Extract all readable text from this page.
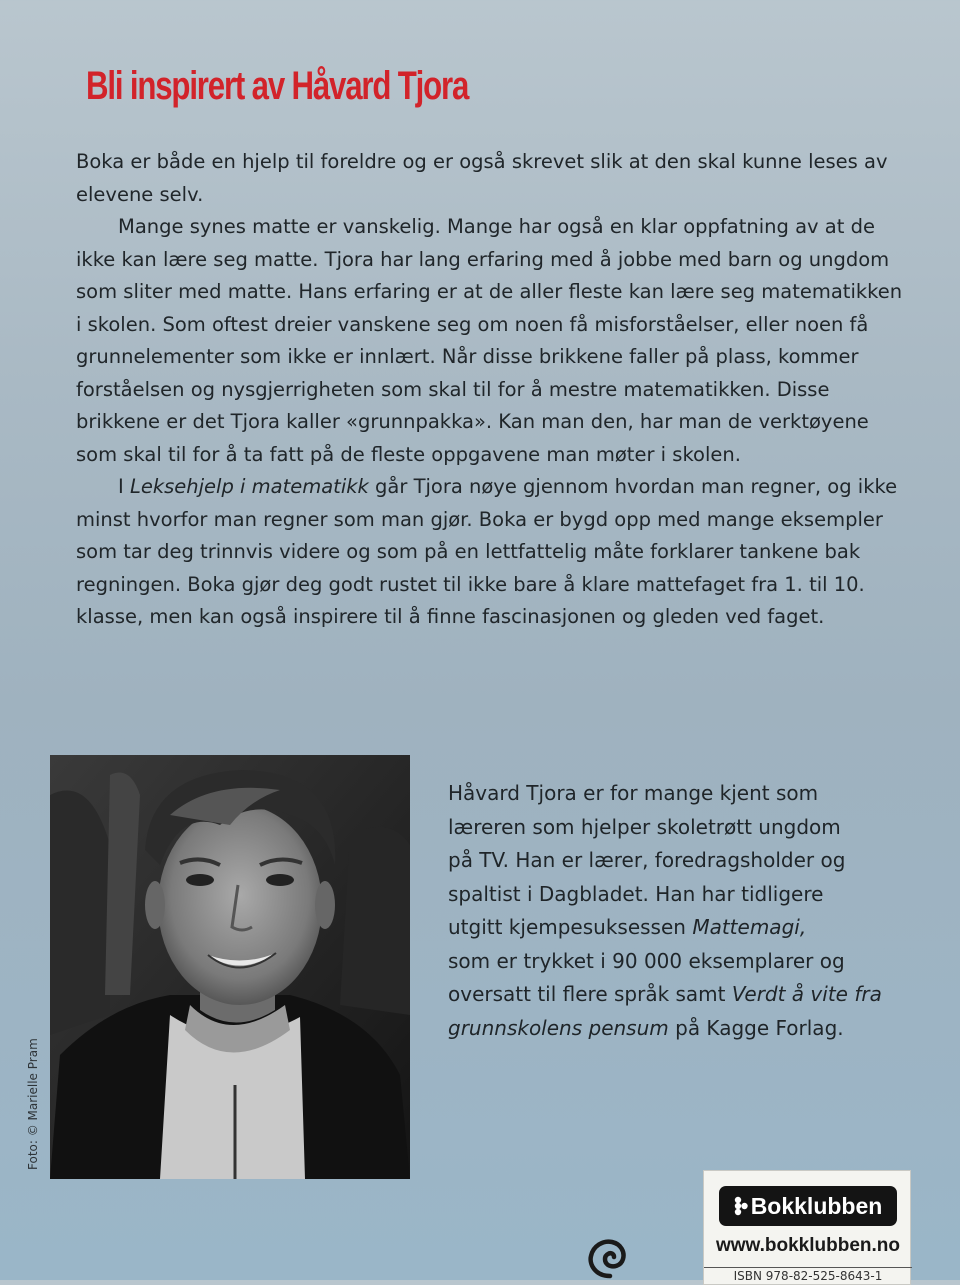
Bli inspirert av Håvard Tjora

Boka er både en hjelp til foreldre og er også skrevet slik at den skal kunne leses av elevene selv.

Mange synes matte er vanskelig. Mange har også en klar oppfatning av at de ikke kan lære seg matte. Tjora har lang erfaring med å jobbe med barn og ungdom som sliter med matte. Hans erfaring er at de aller fleste kan lære seg matematikken i skolen. Som oftest dreier vanskene seg om noen få misforståelser, eller noen få grunnelementer som ikke er innlært. Når disse brikkene faller på plass, kommer forståelsen og nysgjerrigheten som skal til for å mestre matematikken. Disse brikkene er det Tjora kaller «grunnpakka». Kan man den, har man de verktøyene som skal til for å ta fatt på de fleste oppgavene man møter i skolen.

I Leksehjelp i matematikk går Tjora nøye gjennom hvordan man regner, og ikke minst hvorfor man regner som man gjør. Boka er bygd opp med mange eksempler som tar deg trinnvis videre og som på en lettfattelig måte forklarer tankene bak regningen. Boka gjør deg godt rustet til ikke bare å klare mattefaget fra 1. til 10. klasse, men kan også inspirere til å finne fascinasjonen og gleden ved faget.

Foto: © Marielle Pram
Håvard Tjora er for mange kjent som
læreren som hjelper skoletrøtt ungdom
på TV. Han er lærer, foredragsholder og
spaltist i Dagbladet. Han har tidligere
utgitt kjempesuksessen Mattemagi,
som er trykket i 90 000 eksemplarer og
oversatt til flere språk samt Verdt å vite fra
grunnskolens pensum på Kagge Forlag.
Bokklubben
www.bokklubben.no
ISBN 978-82-525-8643-1
